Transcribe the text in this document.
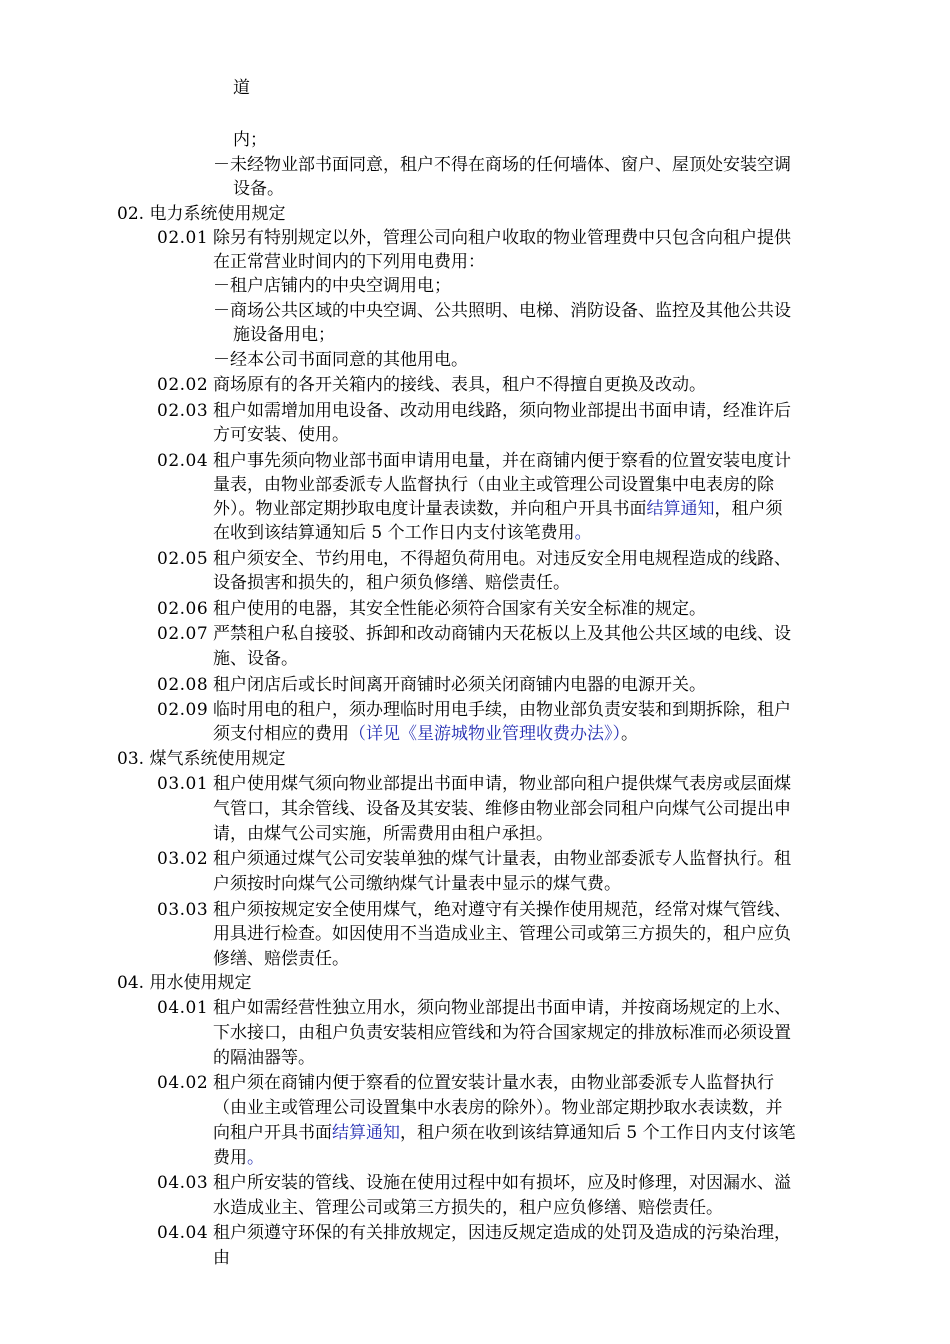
道
内；
－未经物业部书面同意，租户不得在商场的任何墙体、窗户、屋顶处安装空调
设备。
02. 电力系统使用规定
02.01 除另有特别规定以外，管理公司向租户收取的物业管理费中只包含向租户提供
在正常营业时间内的下列用电费用：
－租户店铺内的中央空调用电；
－商场公共区域的中央空调、公共照明、电梯、消防设备、监控及其他公共设
施设备用电；
－经本公司书面同意的其他用电。
02.02 商场原有的各开关箱内的接线、表具，租户不得擅自更换及改动。
02.03 租户如需增加用电设备、改动用电线路，须向物业部提出书面申请，经准许后
方可安装、使用。
02.04 租户事先须向物业部书面申请用电量，并在商铺内便于察看的位置安装电度计
量表，由物业部委派专人监督执行（由业主或管理公司设置集中电表房的除
外）。物业部定期抄取电度计量表读数，并向租户开具书面结算通知，租户须
在收到该结算通知后 5 个工作日内支付该笔费用。
02.05 租户须安全、节约用电，不得超负荷用电。对违反安全用电规程造成的线路、
设备损害和损失的，租户须负修缮、赔偿责任。
02.06 租户使用的电器，其安全性能必须符合国家有关安全标准的规定。
02.07 严禁租户私自接驳、拆卸和改动商铺内天花板以上及其他公共区域的电线、设
施、设备。
02.08 租户闭店后或长时间离开商铺时必须关闭商铺内电器的电源开关。
02.09 临时用电的租户，须办理临时用电手续，由物业部负责安装和到期拆除，租户
须支付相应的费用（详见《星游城物业管理收费办法》）。
03. 煤气系统使用规定
03.01 租户使用煤气须向物业部提出书面申请，物业部向租户提供煤气表房或层面煤
气管口，其余管线、设备及其安装、维修由物业部会同租户向煤气公司提出申
请，由煤气公司实施，所需费用由租户承担。
03.02 租户须通过煤气公司安装单独的煤气计量表，由物业部委派专人监督执行。租
户须按时向煤气公司缴纳煤气计量表中显示的煤气费。
03.03 租户须按规定安全使用煤气，绝对遵守有关操作使用规范，经常对煤气管线、
用具进行检查。如因使用不当造成业主、管理公司或第三方损失的，租户应负
修缮、赔偿责任。
04. 用水使用规定
04.01 租户如需经营性独立用水，须向物业部提出书面申请，并按商场规定的上水、
下水接口，由租户负责安装相应管线和为符合国家规定的排放标准而必须设置
的隔油器等。
04.02 租户须在商铺内便于察看的位置安装计量水表，由物业部委派专人监督执行
（由业主或管理公司设置集中水表房的除外）。物业部定期抄取水表读数，并
向租户开具书面结算通知，租户须在收到该结算通知后 5 个工作日内支付该笔
费用。
04.03 租户所安装的管线、设施在使用过程中如有损坏，应及时修理，对因漏水、溢
水造成业主、管理公司或第三方损失的，租户应负修缮、赔偿责任。
04.04 租户须遵守环保的有关排放规定，因违反规定造成的处罚及造成的污染治理，
由
